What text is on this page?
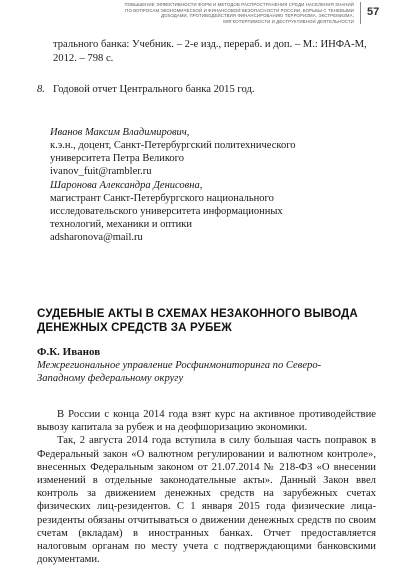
ПОВЫШЕНИЕ ЭФФЕКТИВНОСТИ ФОРМ И МЕТОДОВ РАСПРОСТРАНЕНИЯ СРЕДИ НАСЕЛЕНИЯ ЗНАНИЙ ПО ВОПРОСАМ ЭКОНОМИЧЕСКОЙ И ФИНАНСОВОЙ БЕЗОПАСНОСТИ РОССИИ, БОРЬБЫ С ТЕНЕВЫМИ ДОХОДАМИ, ПРОТИВОДЕЙСТВИЯ ФИНАНСИРОВАНИЮ ТЕРРОРИЗМА, ЭКСТРЕМИЗМА, МЯГКОТЕРПИМОСТИ И ДЕСТРУКТИВНОЙ ДЕЯТЕЛЬНОСТИ
57
трального банка: Учебник. – 2-е изд., перераб. и доп. – М.: ИНФА-М, 2012. – 798 с.
8. Годовой отчет Центрального банка 2015 год.
Иванов Максим Владимирович,
к.э.н., доцент, Санкт-Петербургский политехнического
университета Петра Великого
ivanov_fuit@rambler.ru
Шаронова Александра Денисовна,
магистрант Санкт-Петербургского национального
исследовательского университета информационных
технологий, механики и оптики
adsharonova@mail.ru
СУДЕБНЫЕ АКТЫ В СХЕМАХ НЕЗАКОННОГО ВЫВОДА ДЕНЕЖНЫХ СРЕДСТВ ЗА РУБЕЖ
Ф.К. Иванов
Межрегиональное управление Росфинмониторинга по Северо-Западному федеральному округу

В России с конца 2014 года взят курс на активное противодействие вывозу капитала за рубеж и на деофшоризацию экономики.

Так, 2 августа 2014 года вступила в силу большая часть поправок в Федеральный закон «О валютном регулировании и валютном контроле», внесенных Федеральным законом от 21.07.2014 № 218-ФЗ «О внесении изменений в отдельные законодательные акты». Данный Закон ввел контроль за движением денежных средств на зарубежных счетах физических лиц-резидентов. С 1 января 2015 года физические лица-резиденты обязаны отчитываться о движении денежных средств по своим счетам (вкладам) в иностранных банках. Отчет предоставляется налоговым органам по месту учета с подтверждающими банковскими документами.
